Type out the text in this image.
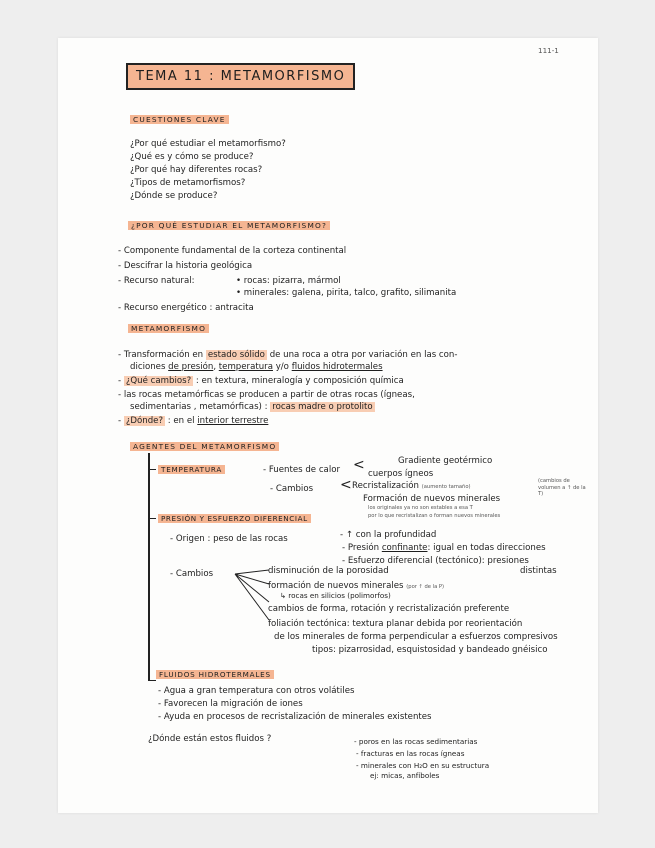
111-1
TEMA 11 : METAMORFISMO
CUESTIONES CLAVE
¿Por qué estudiar el metamorfismo?
¿Qué es y cómo se produce?
¿Por qué hay diferentes rocas?
¿Tipos de metamorfismos?
¿Dónde se produce?
¿POR QUÉ ESTUDIAR EL METAMORFISMO?
- Componente fundamental de la corteza continental
- Descifrar la historia geológica
- Recurso natural:	• rocas: pizarra, mármol
• minerales: galena, pirita, talco, grafito, silimanita
- Recurso energético : antracita
METAMORFISMO
- Transformación en estado sólido de una roca a otra por variación en las con-
diciones de presión, temperatura y/o fluidos hidrotermales
- ¿Qué cambios? : en textura, mineralogía y composición química
- las rocas metamórficas se producen a partir de otras rocas (ígneas,
sedimentarias , metamórficas) : rocas madre o protolito
- ¿Dónde? : en el interior terrestre
AGENTES DEL METAMORFISMO
TEMPERATURA	- Fuentes de calor <	Gradiente geotérmico
cuerpos ígneos
- Cambios < Recristalización (aumento tamaño)
Formación de nuevos minerales
los originales ya no son estables a esa T
por lo que recristalizan o forman nuevos minerales
(cambios de volumen a ↑ de la T)
PRESIÓN Y ESFUERZO DIFERENCIAL
- Origen : peso de las rocas	- ↑ con la profundidad
- Presión confinante: igual en todas direcciones
- Esfuerzo diferencial (tectónico): presiones
distintas
- Cambios	disminución de la porosidad
formación de nuevos minerales (por ↑ de la P)
↳ rocas en silicios (polimorfos)
cambios de forma, rotación y recristalización preferente
foliación tectónica: textura planar debida por reorientación
de los minerales de forma perpendicular a esfuerzos compresivos
tipos: pizarrosidad, esquistosidad y bandeado gnéisico
FLUIDOS HIDROTERMALES
- Agua a gran temperatura con otros volátiles
- Favorecen la migración de iones
- Ayuda en procesos de recristalización de minerales existentes
¿Dónde están estos fluidos ?	- poros en las rocas sedimentarias
- fracturas en las rocas ígneas
- minerales con H₂O en su estructura
ej: micas, anfíboles
